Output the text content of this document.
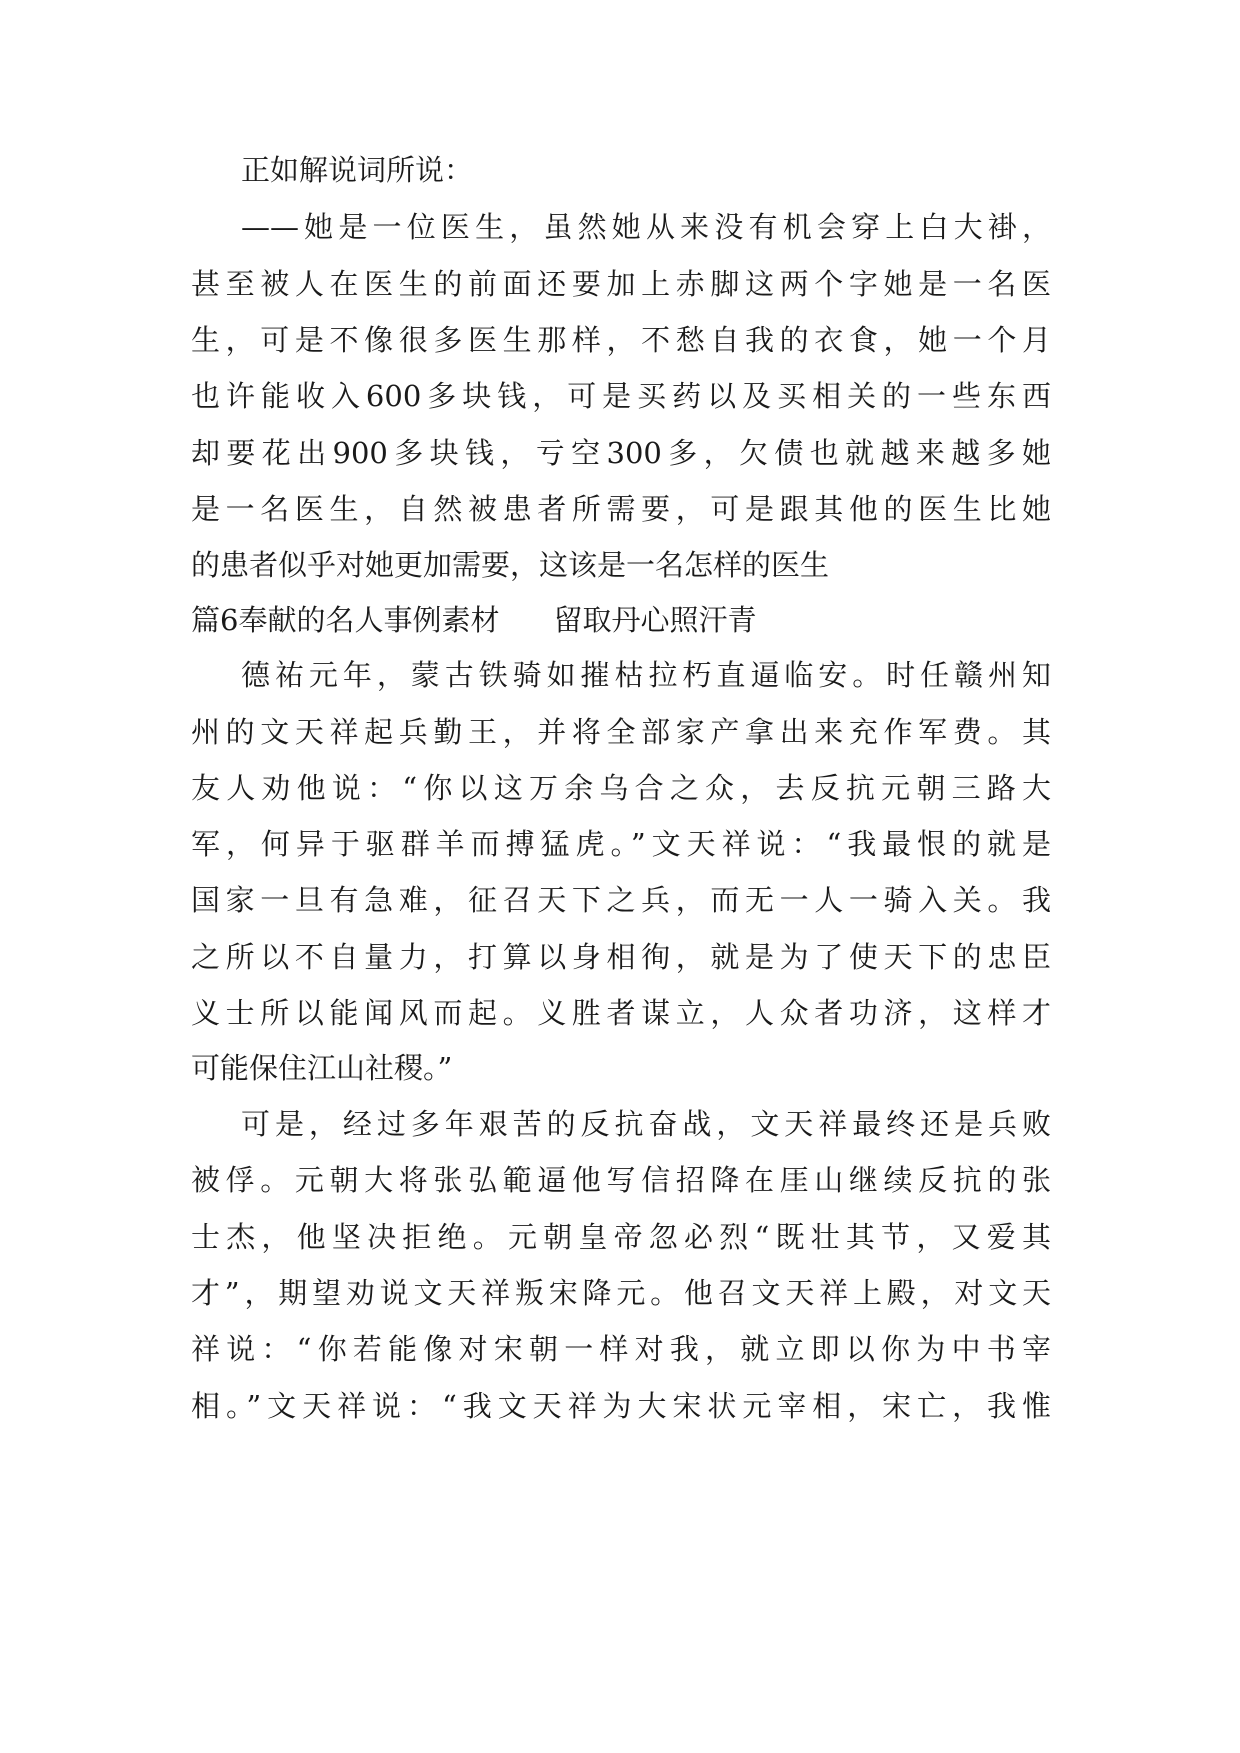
正如解说词所说：
——她是一位医生，虽然她从来没有机会穿上白大褂，
甚至被人在医生的前面还要加上赤脚这两个字她是一名医
生，可是不像很多医生那样，不愁自我的衣食，她一个月
也许能收入600多块钱，可是买药以及买相关的一些东西
却要花出900多块钱，亏空300多，欠债也就越来越多她
是一名医生，自然被患者所需要，可是跟其他的医生比她
的患者似乎对她更加需要，这该是一名怎样的医生
篇6奉献的名人事例素材 留取丹心照汗青
德祐元年，蒙古铁骑如摧枯拉朽直逼临安。时任赣州知
州的文天祥起兵勤王，并将全部家产拿出来充作军费。其
友人劝他说：“你以这万余乌合之众，去反抗元朝三路大
军，何异于驱群羊而搏猛虎。”文天祥说：“我最恨的就是
国家一旦有急难，征召天下之兵，而无一人一骑入关。我
之所以不自量力，打算以身相徇，就是为了使天下的忠臣
义士所以能闻风而起。义胜者谋立，人众者功济，这样才
可能保住江山社稷。”
可是，经过多年艰苦的反抗奋战，文天祥最终还是兵败
被俘。元朝大将张弘範逼他写信招降在厓山继续反抗的张
士杰，他坚决拒绝。元朝皇帝忽必烈“既壮其节，又爱其
才”，期望劝说文天祥叛宋降元。他召文天祥上殿，对文天
祥说：“你若能像对宋朝一样对我，就立即以你为中书宰
相。”文天祥说：“我文天祥为大宋状元宰相，宋亡，我惟
